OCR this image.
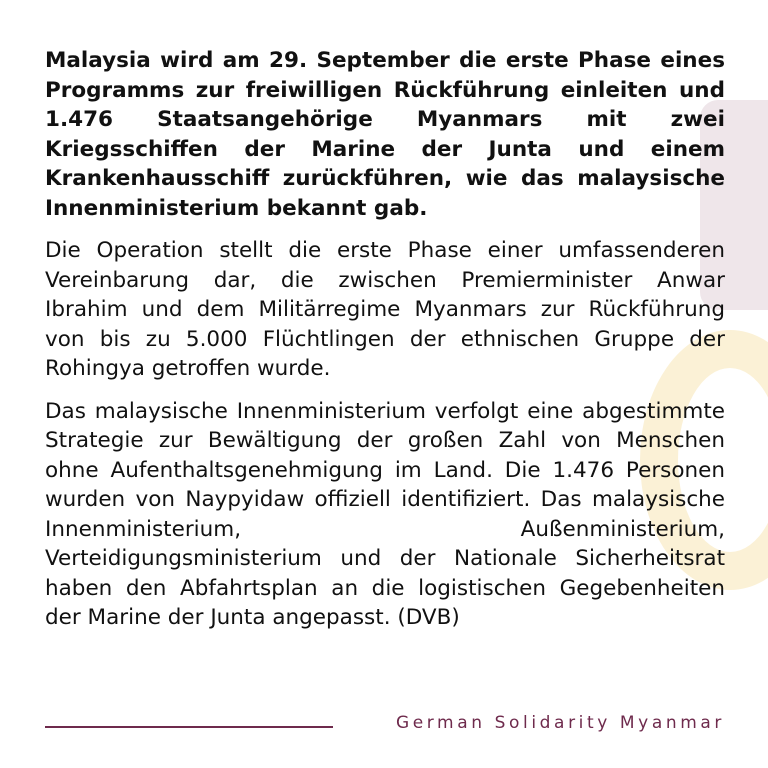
Malaysia wird am 29. September die erste Phase eines Programms zur freiwilligen Rückführung einleiten und 1.476 Staatsangehörige Myanmars mit zwei Kriegsschiffen der Marine der Junta und einem Krankenhausschiff zurückführen, wie das malaysische Innenministerium bekannt gab.

Die Operation stellt die erste Phase einer umfassenderen Vereinbarung dar, die zwischen Premierminister Anwar Ibrahim und dem Militärregime Myanmars zur Rückführung von bis zu 5.000 Flüchtlingen der ethnischen Gruppe der Rohingya getroffen wurde.

Das malaysische Innenministerium verfolgt eine abgestimmte Strategie zur Bewältigung der großen Zahl von Menschen ohne Aufenthaltsgenehmigung im Land. Die 1.476 Personen wurden von Naypyidaw offiziell identifiziert. Das malaysische Innenministerium, Außenministerium, Verteidigungsministerium und der Nationale Sicherheitsrat haben den Abfahrtsplan an die logistischen Gegebenheiten der Marine der Junta angepasst. (DVB)

German Solidarity Myanmar
